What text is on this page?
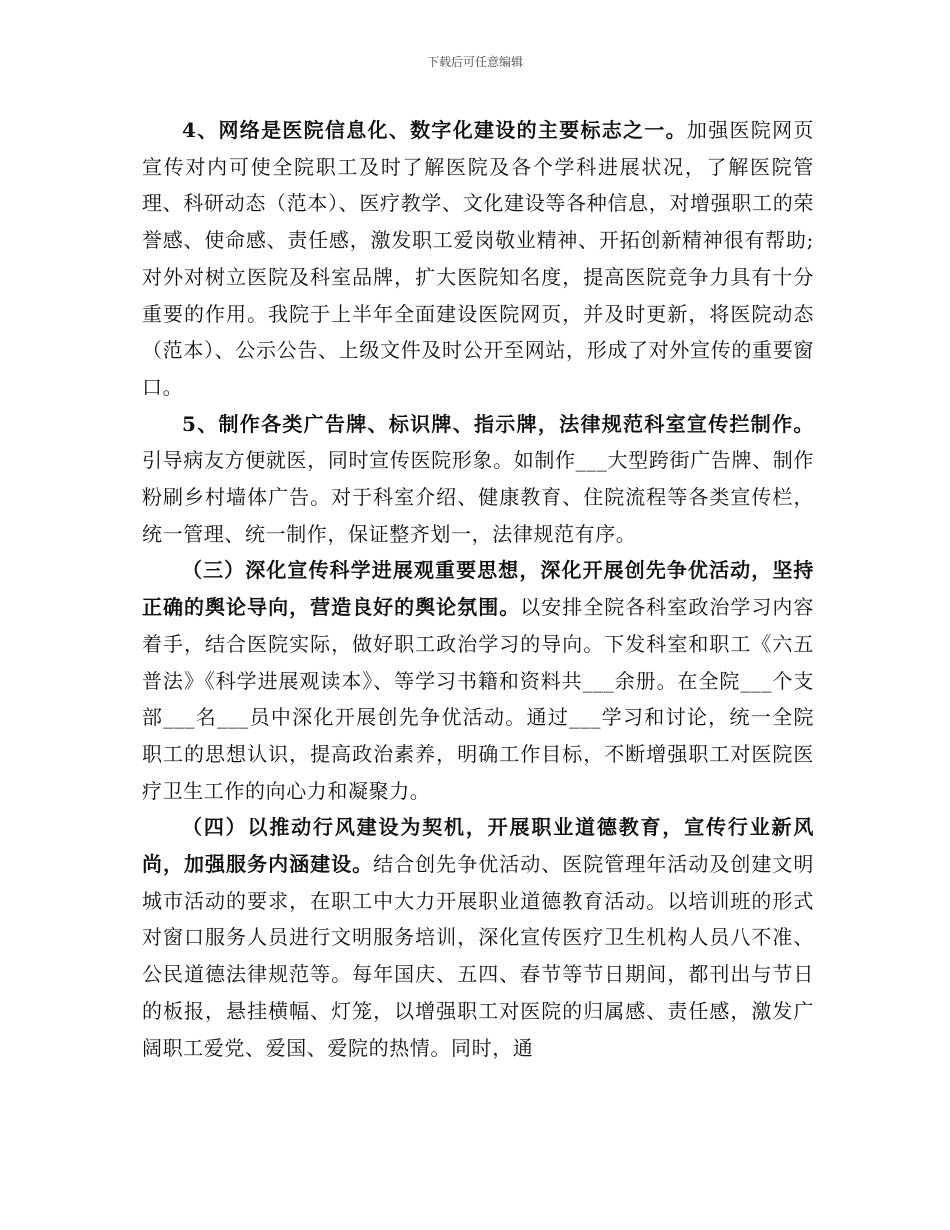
下载后可任意编辑

4、网络是医院信息化、数字化建设的主要标志之一。加强医院网页宣传对内可使全院职工及时了解医院及各个学科进展状况，了解医院管理、科研动态（范本）、医疗教学、文化建设等各种信息，对增强职工的荣誉感、使命感、责任感，激发职工爱岗敬业精神、开拓创新精神很有帮助;对外对树立医院及科室品牌，扩大医院知名度，提高医院竞争力具有十分重要的作用。我院于上半年全面建设医院网页，并及时更新，将医院动态（范本）、公示公告、上级文件及时公开至网站，形成了对外宣传的重要窗口。

5、制作各类广告牌、标识牌、指示牌，法律规范科室宣传拦制作。引导病友方便就医，同时宣传医院形象。如制作___大型跨街广告牌、制作粉刷乡村墙体广告。对于科室介绍、健康教育、住院流程等各类宣传栏，统一管理、统一制作，保证整齐划一，法律规范有序。

（三）深化宣传科学进展观重要思想，深化开展创先争优活动，坚持正确的舆论导向，营造良好的舆论氛围。以安排全院各科室政治学习内容着手，结合医院实际，做好职工政治学习的导向。下发科室和职工《六五普法》《科学进展观读本》、等学习书籍和资料共___余册。在全院___个支部___名___员中深化开展创先争优活动。通过___学习和讨论，统一全院职工的思想认识，提高政治素养，明确工作目标，不断增强职工对医院医疗卫生工作的向心力和凝聚力。

（四）以推动行风建设为契机，开展职业道德教育，宣传行业新风尚，加强服务内涵建设。结合创先争优活动、医院管理年活动及创建文明城市活动的要求，在职工中大力开展职业道德教育活动。以培训班的形式对窗口服务人员进行文明服务培训，深化宣传医疗卫生机构人员八不准、公民道德法律规范等。每年国庆、五四、春节等节日期间，都刊出与节日的板报，悬挂横幅、灯笼，以增强职工对医院的归属感、责任感，激发广阔职工爱党、爱国、爱院的热情。同时，通
